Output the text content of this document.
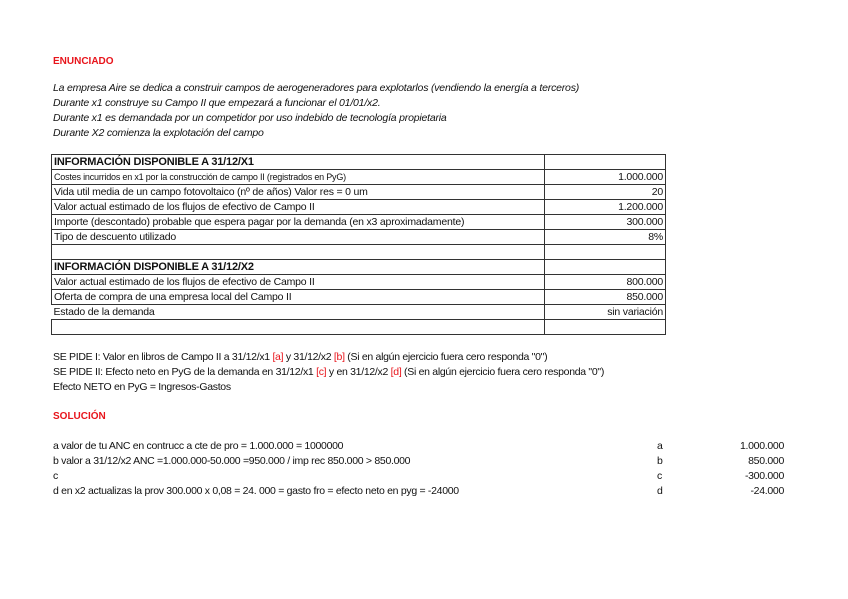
ENUNCIADO
La empresa Aire se dedica a construir campos de aerogeneradores para explotarlos (vendiendo la energía a terceros)
Durante x1 construye su Campo II que empezará a funcionar el 01/01/x2.
Durante x1 es demandada por un competidor por uso indebido de tecnología propietaria
Durante X2 comienza la explotación del campo
INFORMACIÓN DISPONIBLE A 31/12/X1	
Costes incurridos en x1 por la construcción de campo II (registrados en PyG)	1.000.000
Vida util media de un campo fotovoltaico (nº de años) Valor res = 0 um	20
Valor actual estimado de los flujos de efectivo de Campo II	1.200.000
Importe (descontado) probable que espera pagar por la demanda (en x3 aproximadamente)	300.000
Tipo de descuento utilizado	8%

INFORMACIÓN DISPONIBLE A 31/12/X2	
Valor actual estimado de los flujos de efectivo de Campo II	800.000
Oferta de compra de una empresa local del Campo II	850.000
Estado de la demanda	sin variación

SE PIDE I: Valor en libros de Campo II a 31/12/x1 [a] y 31/12/x2 [b] (Si en algún ejercicio fuera cero responda "0")
SE PIDE II: Efecto neto en PyG de la demanda en 31/12/x1 [c] y en 31/12/x2 [d] (Si en algún ejercicio fuera cero responda "0")
Efecto NETO en PyG = Ingresos-Gastos
SOLUCIÓN
a valor de tu ANC en contrucc a cte de pro = 1.000.000 = 1000000	a	1.000.000
b valor a 31/12/x2 ANC =1.000.000-50.000 =950.000 / imp rec 850.000 > 850.000	b	850.000
c	c	-300.000
d en x2 actualizas la prov 300.000 x 0,08 = 24. 000 = gasto fro = efecto neto en pyg = -24000	d	-24.000
